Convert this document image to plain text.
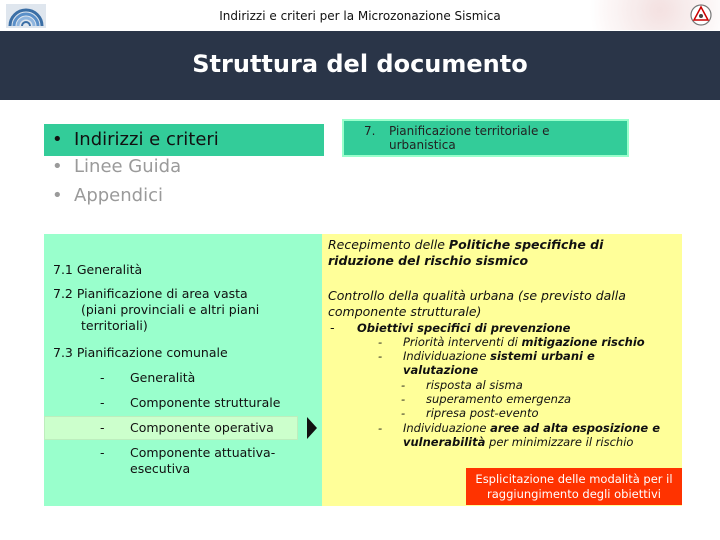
Indirizzi e criteri per la Microzonazione Sismica
Struttura del documento
• Indirizzi e criteri
• Linee Guida
• Appendici
7. Pianificazione territoriale e urbanistica
7.1 Generalità
7.2 Pianificazione di area vasta
(piani provinciali e altri piani territoriali)
7.3 Pianificazione comunale
- Generalità
- Componente strutturale
- Componente operativa
- Componente attuativa-esecutiva
Recepimento delle Politiche specifiche di riduzione del rischio sismico
Controllo della qualità urbana (se previsto dalla componente strutturale)
- Obiettivi specifici di prevenzione
- Priorità interventi di mitigazione rischio
- Individuazione sistemi urbani e valutazione
- risposta al sisma
- superamento emergenza
- ripresa post-evento
- Individuazione aree ad alta esposizione e vulnerabilità per minimizzare il rischio
Esplicitazione delle modalità per il raggiungimento degli obiettivi
